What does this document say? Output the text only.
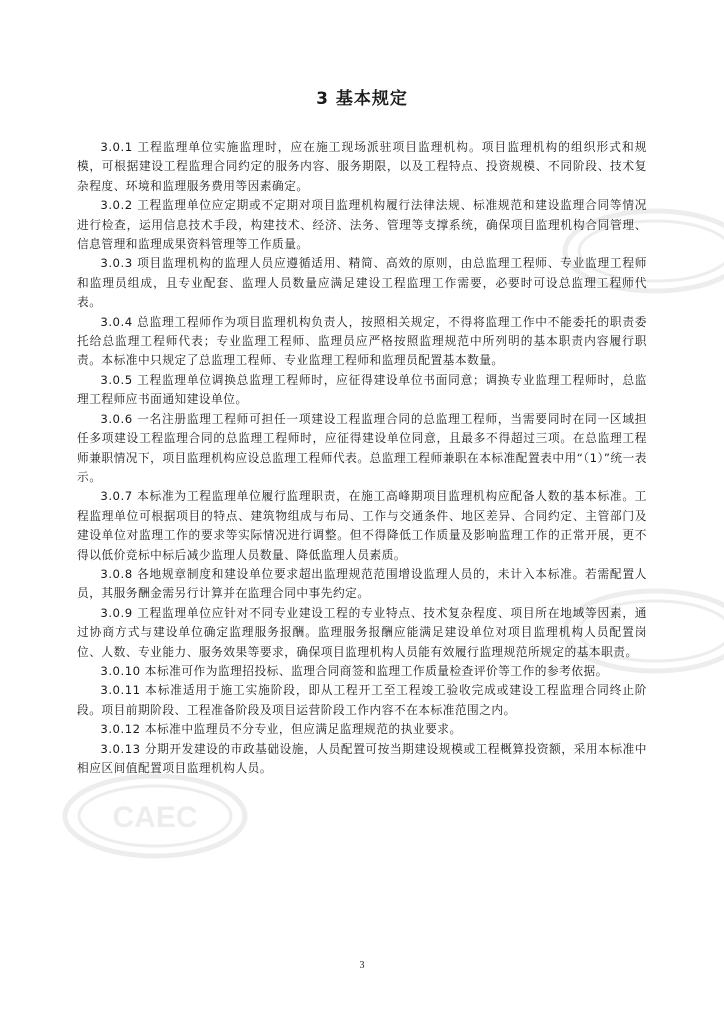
CAEC
3 基本规定

3.0.1 工程监理单位实施监理时，应在施工现场派驻项目监理机构。项目监理机构的组织形式和规模，可根据建设工程监理合同约定的服务内容、服务期限，以及工程特点、投资规模、不同阶段、技术复杂程度、环境和监理服务费用等因素确定。

3.0.2 工程监理单位应定期或不定期对项目监理机构履行法律法规、标准规范和建设监理合同等情况进行检查，运用信息技术手段，构建技术、经济、法务、管理等支撑系统，确保项目监理机构合同管理、信息管理和监理成果资料管理等工作质量。

3.0.3 项目监理机构的监理人员应遵循适用、精简、高效的原则，由总监理工程师、专业监理工程师和监理员组成，且专业配套、监理人员数量应满足建设工程监理工作需要，必要时可设总监理工程师代表。

3.0.4 总监理工程师作为项目监理机构负责人，按照相关规定，不得将监理工作中不能委托的职责委托给总监理工程师代表；专业监理工程师、监理员应严格按照监理规范中所列明的基本职责内容履行职责。本标准中只规定了总监理工程师、专业监理工程师和监理员配置基本数量。

3.0.5 工程监理单位调换总监理工程师时，应征得建设单位书面同意；调换专业监理工程师时，总监理工程师应书面通知建设单位。

3.0.6 一名注册监理工程师可担任一项建设工程监理合同的总监理工程师，当需要同时在同一区域担任多项建设工程监理合同的总监理工程师时，应征得建设单位同意，且最多不得超过三项。在总监理工程师兼职情况下，项目监理机构应设总监理工程师代表。总监理工程师兼职在本标准配置表中用“（1）”统一表示。

3.0.7 本标准为工程监理单位履行监理职责，在施工高峰期项目监理机构应配备人数的基本标准。工程监理单位可根据项目的特点、建筑物组成与布局、工作与交通条件、地区差异、合同约定、主管部门及建设单位对监理工作的要求等实际情况进行调整。但不得降低工作质量及影响监理工作的正常开展，更不得以低价竞标中标后减少监理人员数量、降低监理人员素质。

3.0.8 各地规章制度和建设单位要求超出监理规范范围增设监理人员的，未计入本标准。若需配置人员，其服务酬金需另行计算并在监理合同中事先约定。

3.0.9 工程监理单位应针对不同专业建设工程的专业特点、技术复杂程度、项目所在地域等因素，通过协商方式与建设单位确定监理服务报酬。监理服务报酬应能满足建设单位对项目监理机构人员配置岗位、人数、专业能力、服务效果等要求，确保项目监理机构人员能有效履行监理规范所规定的基本职责。

3.0.10 本标准可作为监理招投标、监理合同商签和监理工作质量检查评价等工作的参考依据。

3.0.11 本标准适用于施工实施阶段，即从工程开工至工程竣工验收完成或建设工程监理合同终止阶段。项目前期阶段、工程准备阶段及项目运营阶段工作内容不在本标准范围之内。

3.0.12 本标准中监理员不分专业，但应满足监理规范的执业要求。

3.0.13 分期开发建设的市政基础设施，人员配置可按当期建设规模或工程概算投资额，采用本标准中相应区间值配置项目监理机构人员。

3
